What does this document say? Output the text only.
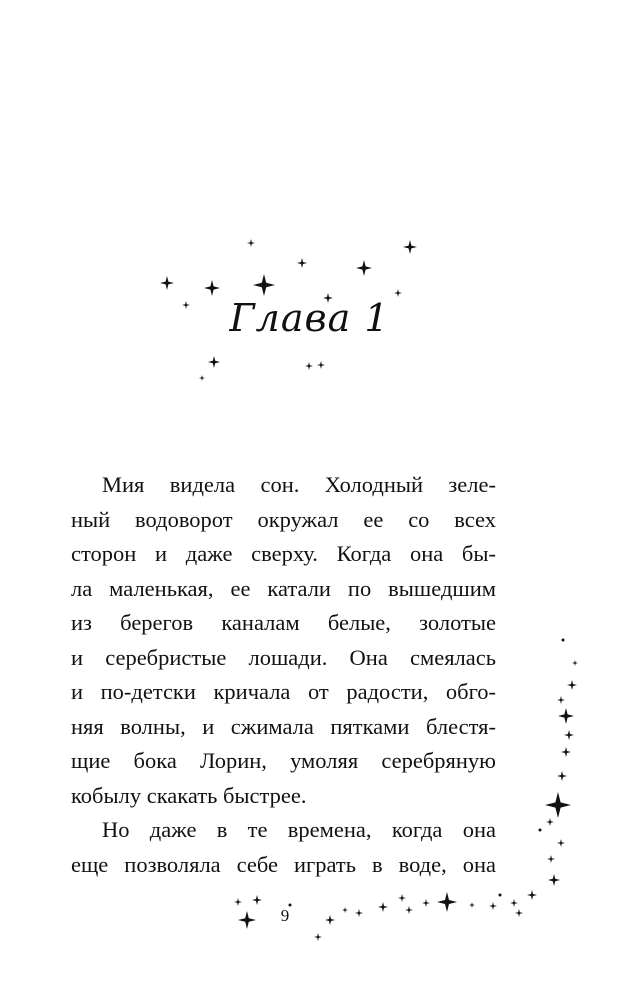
Глава 1
Мия видела сон. Холодный зеле-
ный водоворот окружал ее со всех
сторон и даже сверху. Когда она бы-
ла маленькая, ее катали по вышедшим
из берегов каналам белые, золотые
и серебристые лошади. Она смеялась
и по-детски кричала от радости, обго-
няя волны, и сжимала пятками блестя-
щие бока Лорин, умоляя серебряную
кобылу скакать быстрее.
Но даже в те времена, когда она
еще позволяла себе играть в воде, она
9
